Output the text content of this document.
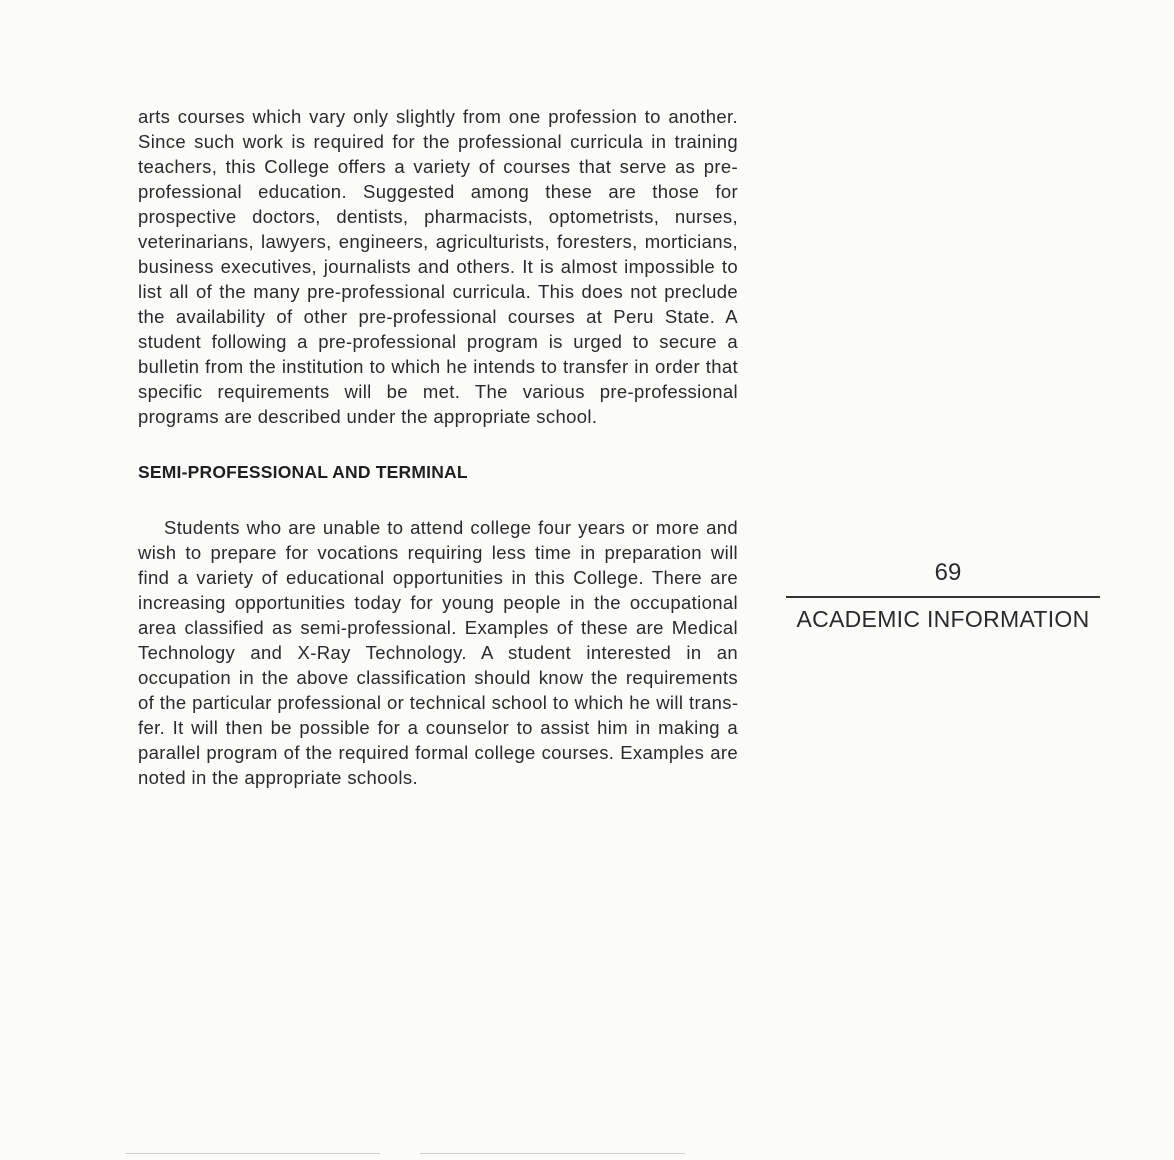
arts courses which vary only slightly from one profession to another. Since such work is required for the professional curricula in training teachers, this College offers a variety of courses that serve as pre-professional education. Suggested among these are those for prospective doctors, dentists, pharmacists, optometrists, nurses, veterinarians, lawyers, engineers, agriculturists, foresters, morticians, business executives, journalists and others. It is almost impossible to list all of the many pre-professional curricula. This does not preclude the availability of other pre-professional courses at Peru State. A student following a pre-professional program is urged to secure a bulletin from the institution to which he intends to transfer in order that specific requirements will be met. The various pre-professional programs are described under the appropriate school.

SEMI-PROFESSIONAL AND TERMINAL

Students who are unable to attend college four years or more and wish to prepare for vocations requiring less time in preparation will find a variety of educational opportunities in this College. There are increasing opportunities today for young people in the occupational area classified as semi-professional. Examples of these are Medical Technology and X-Ray Technology. A student interested in an occupation in the above classification should know the requirements of the particular professional or technical school to which he will transfer. It will then be possible for a counselor to assist him in making a parallel program of the required formal college courses. Examples are noted in the appropriate schools.

69
ACADEMIC INFORMATION
